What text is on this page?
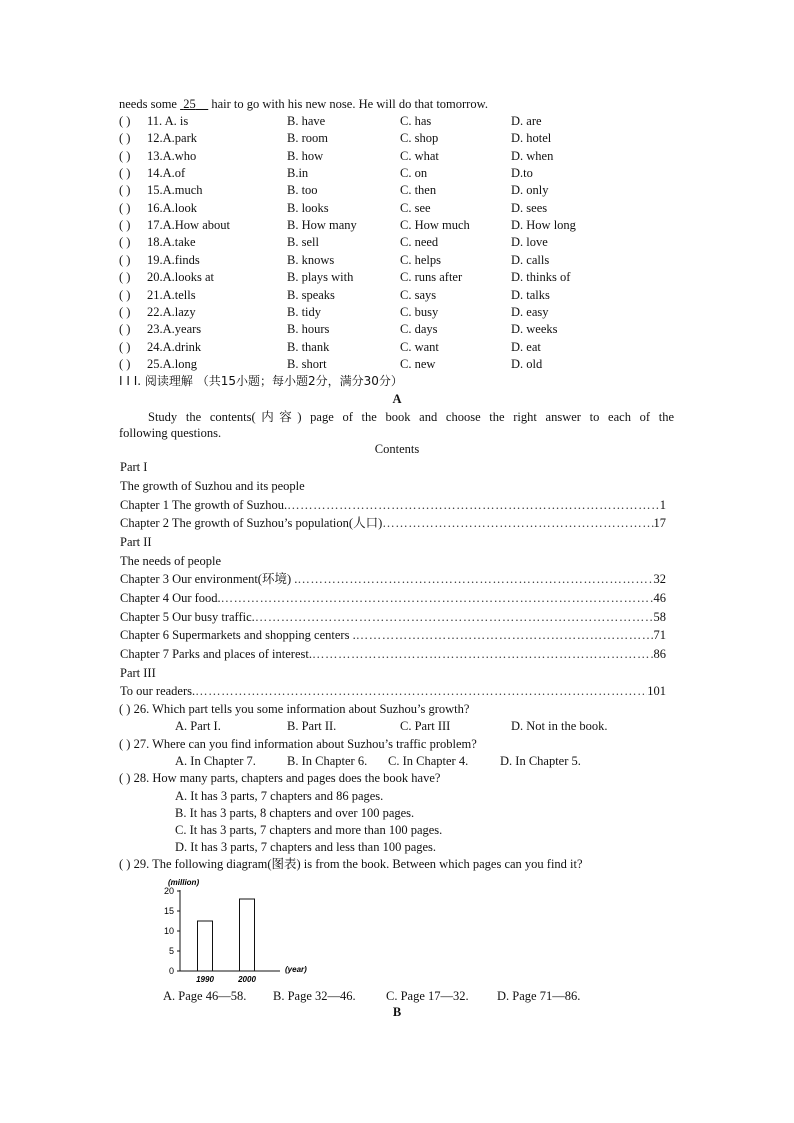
needs some  25     hair to go with his new nose. He will do that tomorrow.
( ) 11. A. is	B. have	C. has	D. are
( ) 12.A.park	B. room	C. shop	D. hotel
( ) 13.A.who	B. how	C. what	D. when
( ) 14.A.of	B.in	C. on	D.to
( ) 15.A.much	B. too	C. then	D. only
( ) 16.A.look	B. looks	C. see	D. sees
( ) 17.A.How about	B. How many	C. How much	D. How long
( ) 18.A.take	B. sell	C. need	D. love
( ) 19.A.finds	B. knows	C. helps	D. calls
( ) 20.A.looks at	B. plays with	C. runs after	D. thinks of
( ) 21.A.tells	B. speaks	C. says	D. talks
( ) 22.A.lazy	B. tidy	C. busy	D. easy
( ) 23.A.years	B. hours	C. days	D. weeks
( ) 24.A.drink	B. thank	C. want	D. eat
( ) 25.A.long	B. short	C. new	D. old
I I I. 阅读理解 （共15小题；每小题2分，满分30分）
A
Study the contents(内容) page of the book and choose the right answer to each of the
following questions.
Contents
Part I
The growth of Suzhou and its people
Chapter 1 The growth of Suzhou. …………………………………………………………………………………………………………………………………………………………………………………………	1
Chapter 2 The growth of Suzhou’s population(人口) …………………………………………………………………………………………………………………………………………………………………………………………	17
Part II
The needs of people
Chapter 3 Our environment(环境) . …………………………………………………………………………………………………………………………………………………………………………………………	32
Chapter 4 Our food. …………………………………………………………………………………………………………………………………………………………………………………………	46
Chapter 5 Our busy traffic. …………………………………………………………………………………………………………………………………………………………………………………………	58
Chapter 6 Supermarkets and shopping centers . …………………………………………………………………………………………………………………………………………………………………………………………	71
Chapter 7 Parks and places of interest. …………………………………………………………………………………………………………………………………………………………………………………………	86
Part III
To our readers. …………………………………………………………………………………………………………………………………………………………………………………………	101
( ) 26. Which part tells you some information about Suzhou’s growth?
A. Part I.	B. Part II.	C. Part III	D. Not in the book.
( ) 27. Where can you find information about Suzhou’s traffic problem?
A. In Chapter 7. B. In Chapter 6. C. In Chapter 4.	D. In Chapter 5.
( ) 28. How many parts, chapters and pages does the book have?
A. It has 3 parts, 7 chapters and 86 pages.
B. It has 3 parts, 8 chapters and over 100 pages.
C. It has 3 parts, 7 chapters and more than 100 pages.
D. It has 3 parts, 7 chapters and less than 100 pages.
( ) 29. The following diagram(图表) is from the book. Between which pages can you find it?
(million)
(year)
0
5
10
15
20
1990	2000
A. Page 46—58. B. Page 32—46. C. Page 17—32. D. Page 71—86.
B
